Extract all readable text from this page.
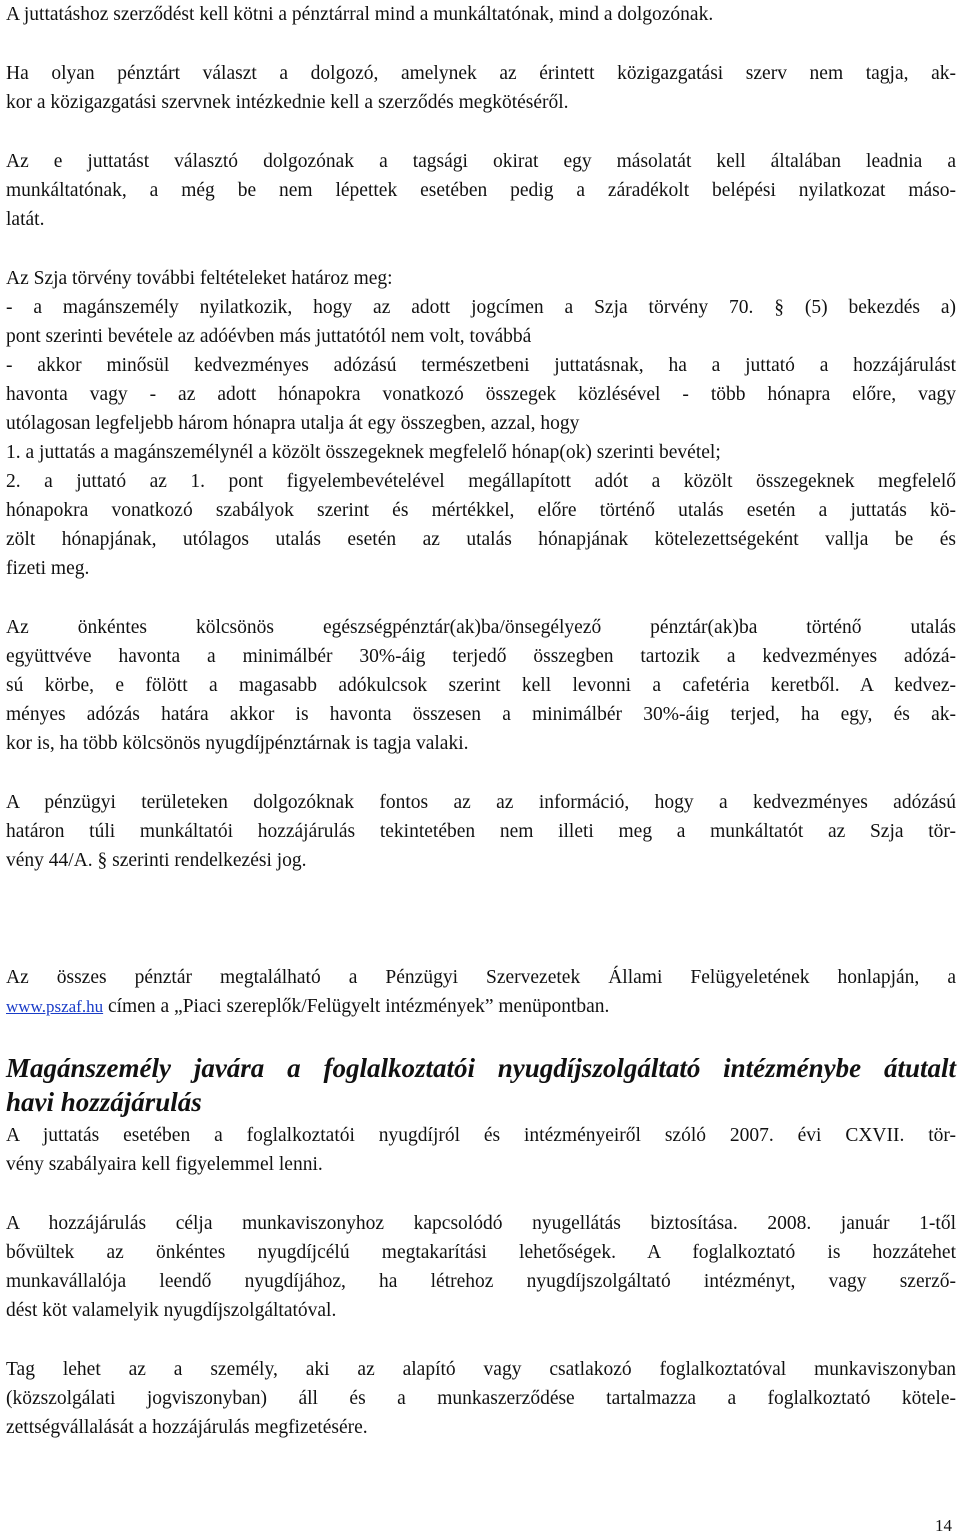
A juttatáshoz szerződést kell kötni a pénztárral mind a munkáltatónak, mind a dolgozónak.
Ha olyan pénztárt választ a dolgozó, amelynek az érintett közigazgatási szerv nem tagja, ak-
kor a közigazgatási szervnek intézkednie kell a szerződés megkötéséről.
Az e juttatást választó dolgozónak a tagsági okirat egy másolatát kell általában leadnia a
munkáltatónak, a még be nem lépettek esetében pedig a záradékolt belépési nyilatkozat máso-
latát.
Az Szja törvény további feltételeket határoz meg:
- a magánszemély nyilatkozik, hogy az adott jogcímen a Szja törvény 70. § (5) bekezdés a)
pont szerinti bevétele az adóévben más juttatótól nem volt, továbbá
- akkor minősül kedvezményes adózású természetbeni juttatásnak, ha a juttató a hozzájárulást
havonta vagy - az adott hónapokra vonatkozó összegek közlésével - több hónapra előre, vagy
utólagosan legfeljebb három hónapra utalja át egy összegben, azzal, hogy
1. a juttatás a magánszemélynél a közölt összegeknek megfelelő hónap(ok) szerinti bevétel;
2. a juttató az 1. pont figyelembevételével megállapított adót a közölt összegeknek megfelelő
hónapokra vonatkozó szabályok szerint és mértékkel, előre történő utalás esetén a juttatás kö-
zölt hónapjának, utólagos utalás esetén az utalás hónapjának kötelezettségeként vallja be és
fizeti meg.
Az önkéntes kölcsönös egészségpénztár(ak)ba/önsegélyező pénztár(ak)ba történő utalás
együttvéve havonta a minimálbér 30%-áig terjedő összegben tartozik a kedvezményes adózá-
sú körbe, e fölött a magasabb adókulcsok szerint kell levonni a cafetéria keretből. A kedvez-
ményes adózás határa akkor is havonta összesen a minimálbér 30%-áig terjed, ha egy, és ak-
kor is, ha több kölcsönös nyugdíjpénztárnak is tagja valaki.
A pénzügyi területeken dolgozóknak fontos az az információ, hogy a kedvezményes adózású
határon túli munkáltatói hozzájárulás tekintetében nem illeti meg a munkáltatót az Szja tör-
vény 44/A. § szerinti rendelkezési jog.
Az összes pénztár megtalálható a Pénzügyi Szervezetek Állami Felügyeletének honlapján, a
www.pszaf.hu címen a „Piaci szereplők/Felügyelt intézmények” menüpontban.
Magánszemély javára a foglalkoztatói nyugdíjszolgáltató intézménybe átutalt
havi hozzájárulás
A juttatás esetében a foglalkoztatói nyugdíjról és intézményeiről szóló 2007. évi CXVII. tör-
vény szabályaira kell figyelemmel lenni.
A hozzájárulás célja munkaviszonyhoz kapcsolódó nyugellátás biztosítása. 2008. január 1-től
bővültek az önkéntes nyugdíjcélú megtakarítási lehetőségek. A foglalkoztató is hozzátehet
munkavállalója leendő nyugdíjához, ha létrehoz nyugdíjszolgáltató intézményt, vagy szerző-
dést köt valamelyik nyugdíjszolgáltatóval.
Tag lehet az a személy, aki az alapító vagy csatlakozó foglalkoztatóval munkaviszonyban
(közszolgálati jogviszonyban) áll és a munkaszerződése tartalmazza a foglalkoztató kötele-
zettségvállalását a hozzájárulás megfizetésére.
14
